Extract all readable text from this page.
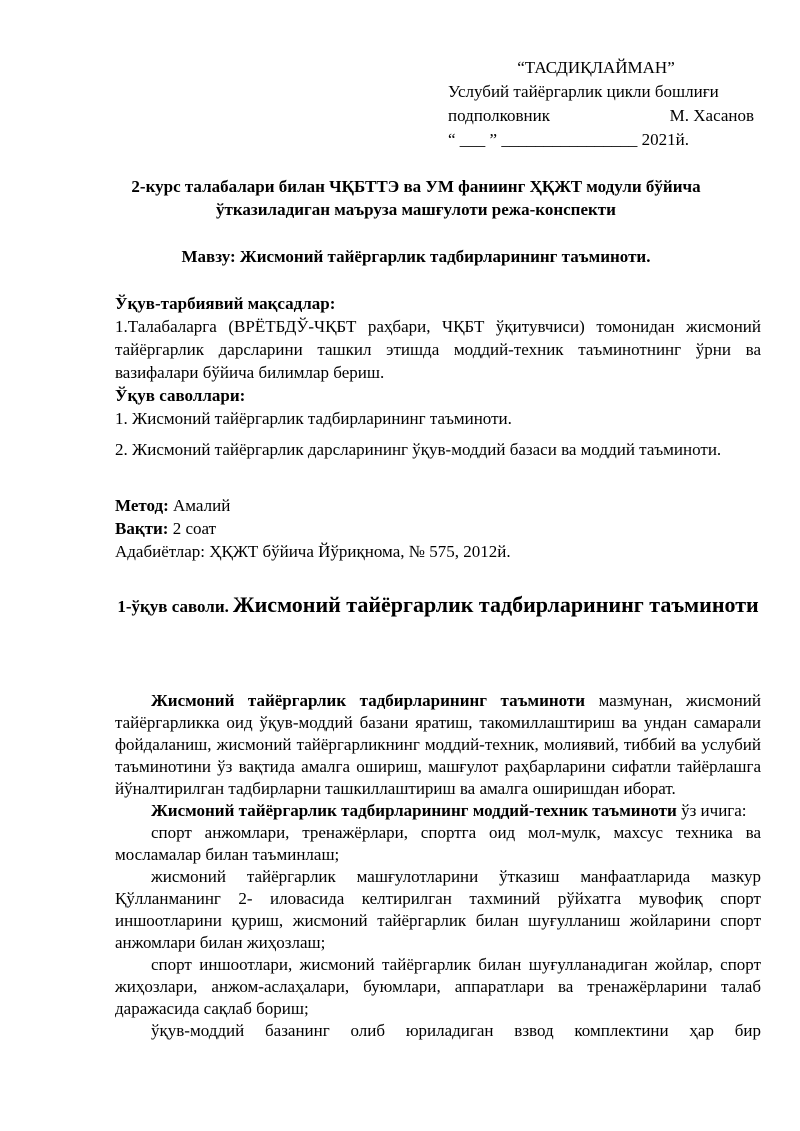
“ТАСДИҚЛАЙМАН”
Услубий тайёргарлик цикли бошлиғи
подполковник	М. Хасанов
“ ___ ” ________________ 2021й.
2-курс талабалари билан ЧҚБТТЭ ва УМ фаниинг ҲҚЖТ модули бўйича
ўтказиладиган маъруза машғулоти режа-конспекти
Мавзу: Жисмоний тайёргарлик тадбирларининг таъминоти.
Ўқув-тарбиявий мақсадлар:
1.Талабаларга (ВРЁТБДЎ-ЧҚБТ раҳбари, ЧҚБТ ўқитувчиси) томонидан жисмоний тайёргарлик дарсларини ташкил этишда моддий-техник таъминотнинг ўрни ва вазифалари бўйича билимлар бериш.
Ўқув саволлари:
1. Жисмоний тайёргарлик тадбирларининг таъминоти.
2. Жисмоний тайёргарлик дарсларининг ўқув-моддий базаси ва моддий таъминоти.
Метод: Амалий
Вақти: 2 соат
Адабиётлар: ҲҚЖТ бўйича Йўриқнома, № 575, 2012й.
1-ўқув саволи. Жисмоний тайёргарлик тадбирларининг таъминоти

Жисмоний тайёргарлик тадбирларининг таъминоти мазмунан, жисмоний тайёргарликка оид ўқув-моддий базани яратиш, такомиллаштириш ва ундан самарали фойдаланиш, жисмоний тайёргарликнинг моддий-техник, молиявий, тиббий ва услубий таъминотини ўз вақтида амалга ошириш, машғулот раҳбарларини сифатли тайёрлашга йўналтирилган тадбирларни ташкиллаштириш ва амалга оширишдан иборат.

Жисмоний тайёргарлик тадбирларининг моддий-техник таъминоти ўз ичига:

спорт анжомлари, тренажёрлари, спортга оид мол-мулк, махсус техника ва мосламалар билан таъминлаш;

жисмоний тайёргарлик машғулотларини ўтказиш манфаатларида мазкур Қўлланманинг 2- иловасида келтирилган тахминий рўйхатга мувофиқ спорт иншоотларини қуриш, жисмоний тайёргарлик билан шуғулланиш жойларини спорт анжомлари билан жиҳозлаш;

спорт иншоотлари, жисмоний тайёргарлик билан шуғулланадиган жойлар, спорт жиҳозлари, анжом-аслаҳалари, буюмлари, аппаратлари ва тренажёрларини талаб даражасида сақлаб бориш;

ўқув-моддий базанинг олиб юриладиган взвод комплектини ҳар бир
